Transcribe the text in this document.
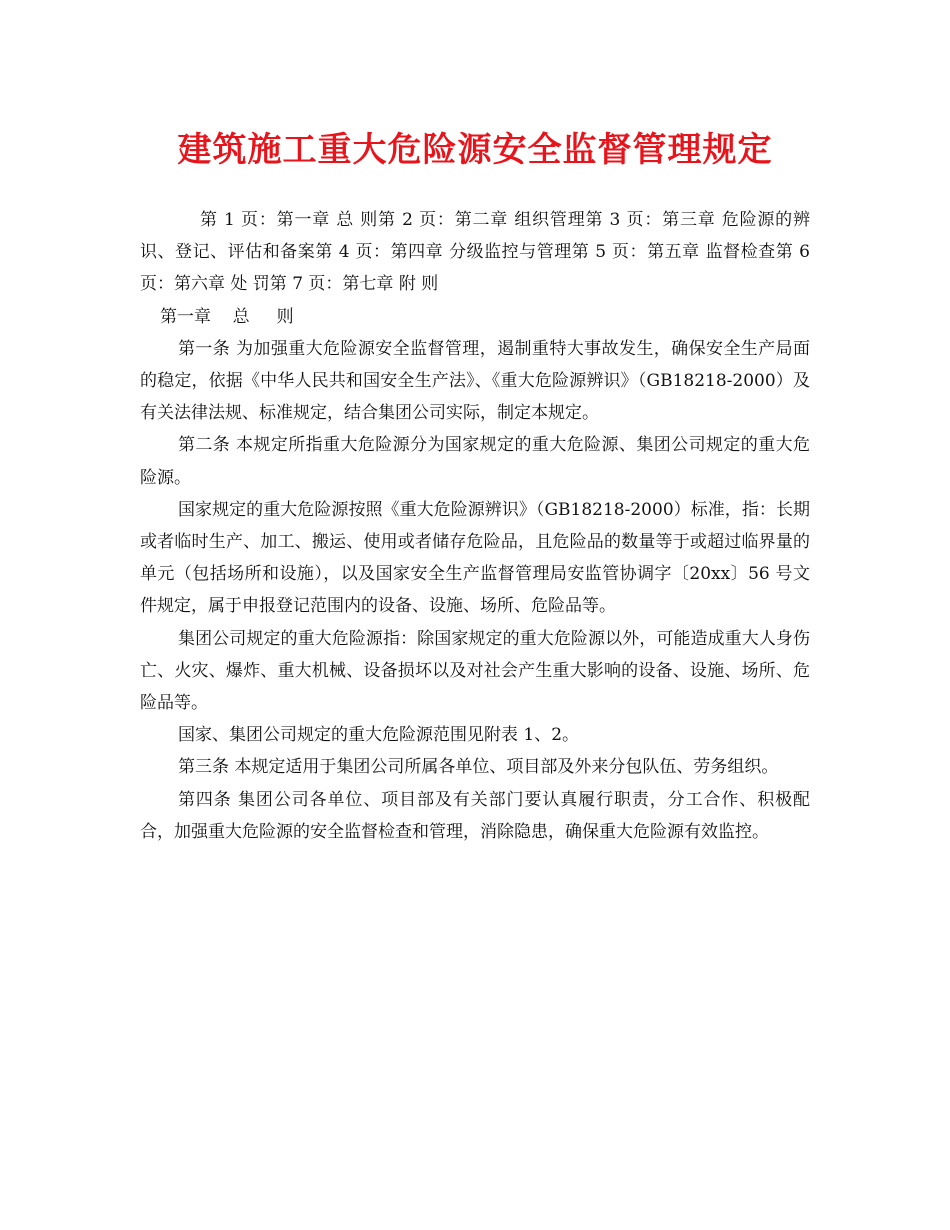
建筑施工重大危险源安全监督管理规定

第 1 页：第一章 总 则第 2 页：第二章 组织管理第 3 页：第三章 危险源的辨识、登记、评估和备案第 4 页：第四章 分级监控与管理第 5 页：第五章 监督检查第 6 页：第六章 处 罚第 7 页：第七章 附 则

第一章    总     则

第一条 为加强重大危险源安全监督管理，遏制重特大事故发生，确保安全生产局面的稳定，依据《中华人民共和国安全生产法》、《重大危险源辨识》（GB18218-2000）及有关法律法规、标准规定，结合集团公司实际，制定本规定。

第二条 本规定所指重大危险源分为国家规定的重大危险源、集团公司规定的重大危险源。

国家规定的重大危险源按照《重大危险源辨识》（GB18218-2000）标准，指：长期或者临时生产、加工、搬运、使用或者储存危险品，且危险品的数量等于或超过临界量的单元（包括场所和设施），以及国家安全生产监督管理局安监管协调字〔20xx〕56 号文件规定，属于申报登记范围内的设备、设施、场所、危险品等。

集团公司规定的重大危险源指：除国家规定的重大危险源以外，可能造成重大人身伤亡、火灾、爆炸、重大机械、设备损坏以及对社会产生重大影响的设备、设施、场所、危险品等。

国家、集团公司规定的重大危险源范围见附表 1、2。

第三条 本规定适用于集团公司所属各单位、项目部及外来分包队伍、劳务组织。

第四条 集团公司各单位、项目部及有关部门要认真履行职责，分工合作、积极配合，加强重大危险源的安全监督检查和管理，消除隐患，确保重大危险源有效监控。
